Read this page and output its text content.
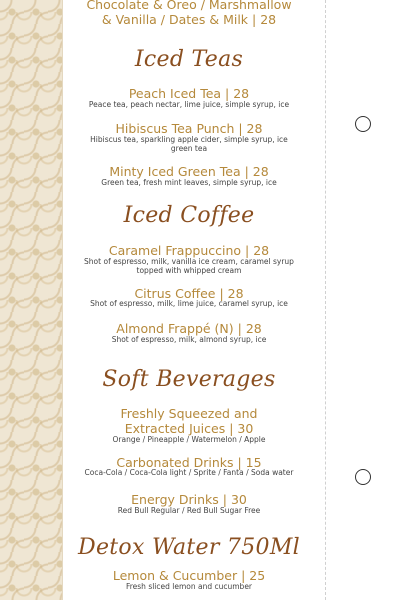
Chocolate & Oreo / Marshmallow
& Vanilla / Dates & Milk | 28
Iced Teas
Peach Iced Tea | 28
Peace tea, peach nectar, lime juice, simple syrup, ice
Hibiscus Tea Punch | 28
Hibiscus tea, sparkling apple cider, simple syrup, ice
green tea
Minty Iced Green Tea | 28
Green tea, fresh mint leaves, simple syrup, ice
Iced Coffee
Caramel Frappuccino | 28
Shot of espresso, milk, vanilla ice cream, caramel syrup
topped with whipped cream
Citrus Coffee | 28
Shot of espresso, milk, lime juice, caramel syrup, ice
Almond Frappé (N) | 28
Shot of espresso, milk, almond syrup, ice
Soft Beverages
Freshly Squeezed and
Extracted Juices | 30
Orange / Pineapple / Watermelon / Apple
Carbonated Drinks | 15
Coca-Cola / Coca-Cola light / Sprite / Fanta / Soda water
Energy Drinks | 30
Red Bull Regular / Red Bull Sugar Free
Detox Water 750Ml
Lemon & Cucumber | 25
Fresh sliced lemon and cucumber
